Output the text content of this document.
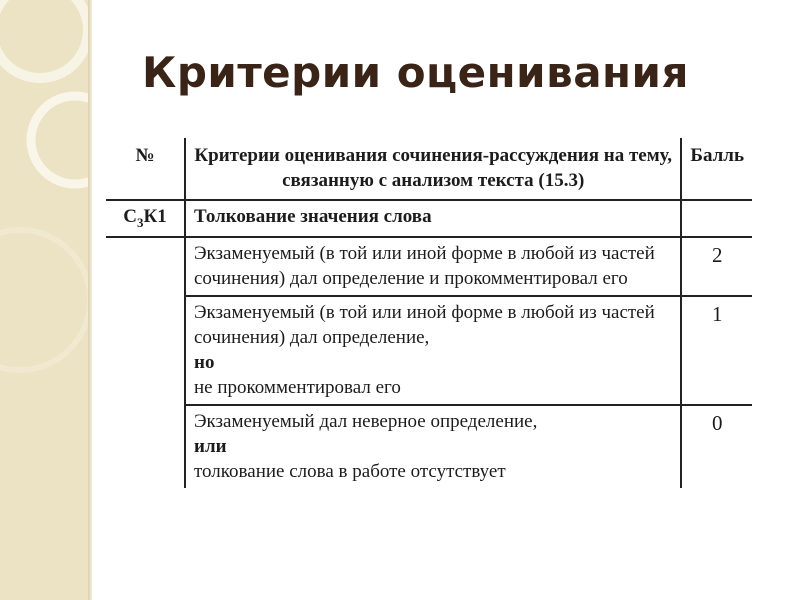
Критерии оценивания
№	Критерии оценивания сочинения-рассуждения на тему, связанную с анализом текста (15.3)	Балль
$С_3К1$	Толкование значения слова	

	Экзаменуемый (в той или иной форме в любой из частей
сочинения) дал определение и прокомментировал его	2

	Экзаменуемый (в той или иной форме в любой из частей
сочинения) дал определение,
но
не прокомментировал его	1

	Экзаменуемый дал неверное определение,
или
толкование слова в работе отсутствует	0
